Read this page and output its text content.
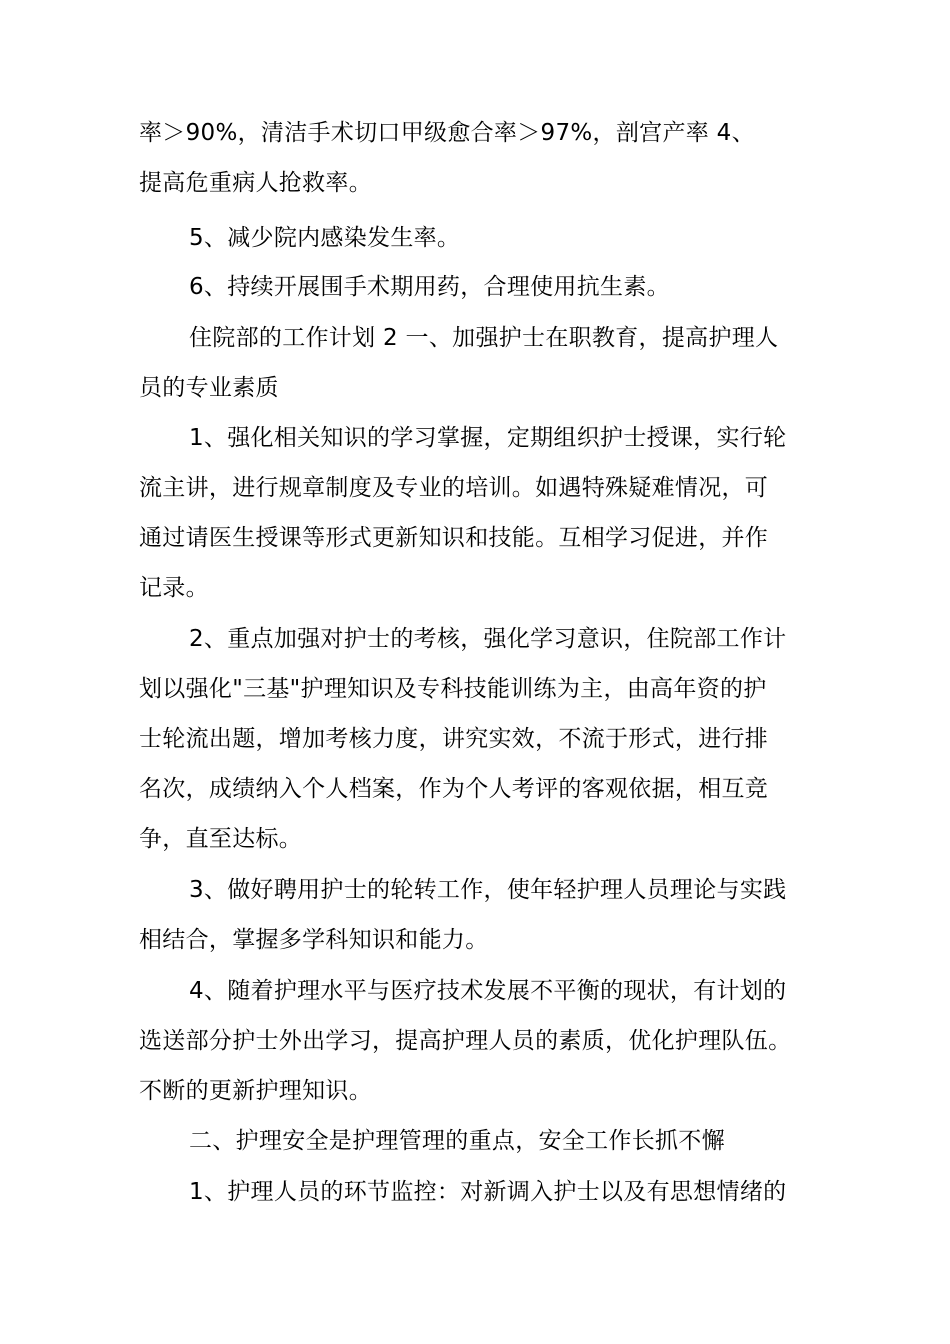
率＞90%，清洁手术切口甲级愈合率＞97%，剖宫产率 4、
提高危重病人抢救率。
5、减少院内感染发生率。
6、持续开展围手术期用药，合理使用抗生素。
住院部的工作计划 2 一、加强护士在职教育，提高护理人
员的专业素质
1、强化相关知识的学习掌握，定期组织护士授课，实行轮
流主讲，进行规章制度及专业的培训。如遇特殊疑难情况，可
通过请医生授课等形式更新知识和技能。互相学习促进，并作
记录。
2、重点加强对护士的考核，强化学习意识，住院部工作计
划以强化"三基"护理知识及专科技能训练为主，由高年资的护
士轮流出题，增加考核力度，讲究实效，不流于形式，进行排
名次，成绩纳入个人档案，作为个人考评的客观依据，相互竞
争，直至达标。
3、做好聘用护士的轮转工作，使年轻护理人员理论与实践
相结合，掌握多学科知识和能力。
4、随着护理水平与医疗技术发展不平衡的现状，有计划的
选送部分护士外出学习，提高护理人员的素质，优化护理队伍。
不断的更新护理知识。
二、护理安全是护理管理的重点，安全工作长抓不懈
1、护理人员的环节监控：对新调入护士以及有思想情绪的
